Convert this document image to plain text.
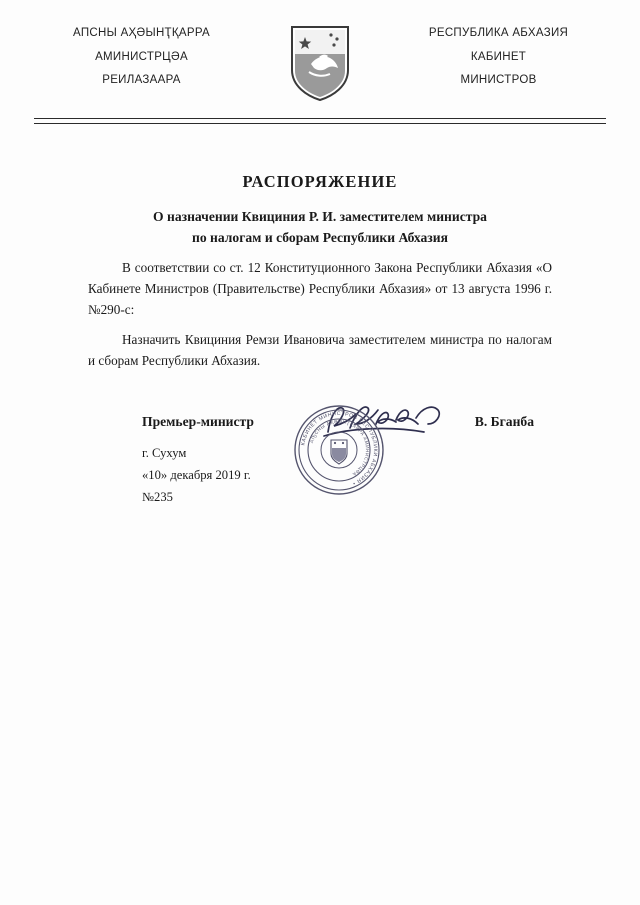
АПСНЫ АҲӘЫНҬҚАРРА
АМИНИСТРЦӘА
РЕИЛАЗААРА
РЕСПУБЛИКА АБХАЗИЯ
КАБИНЕТ
МИНИСТРОВ
РАСПОРЯЖЕНИЕ
О назначении Квициния Р. И. заместителем министра
по налогам и сборам Республики Абхазия
В соответствии со ст. 12 Конституционного Закона Республики Абхазия «О Кабинете Министров (Правительстве) Республики Абхазия» от 13 августа 1996 г. №290-с:
Назначить Квициния Ремзи Ивановича заместителем министра по налогам и сборам Республики Абхазия.
Премьер-министр	В. Бганба
КАБИНЕТ МИНИСТРОВ РЕСПУБЛИКИ АБХАЗИЯ •
АҦСНЫ АҲӘЫНҬҚАРРА АМИНИСТРЦӘА
г. Сухум
«10» декабря 2019 г.
№235
